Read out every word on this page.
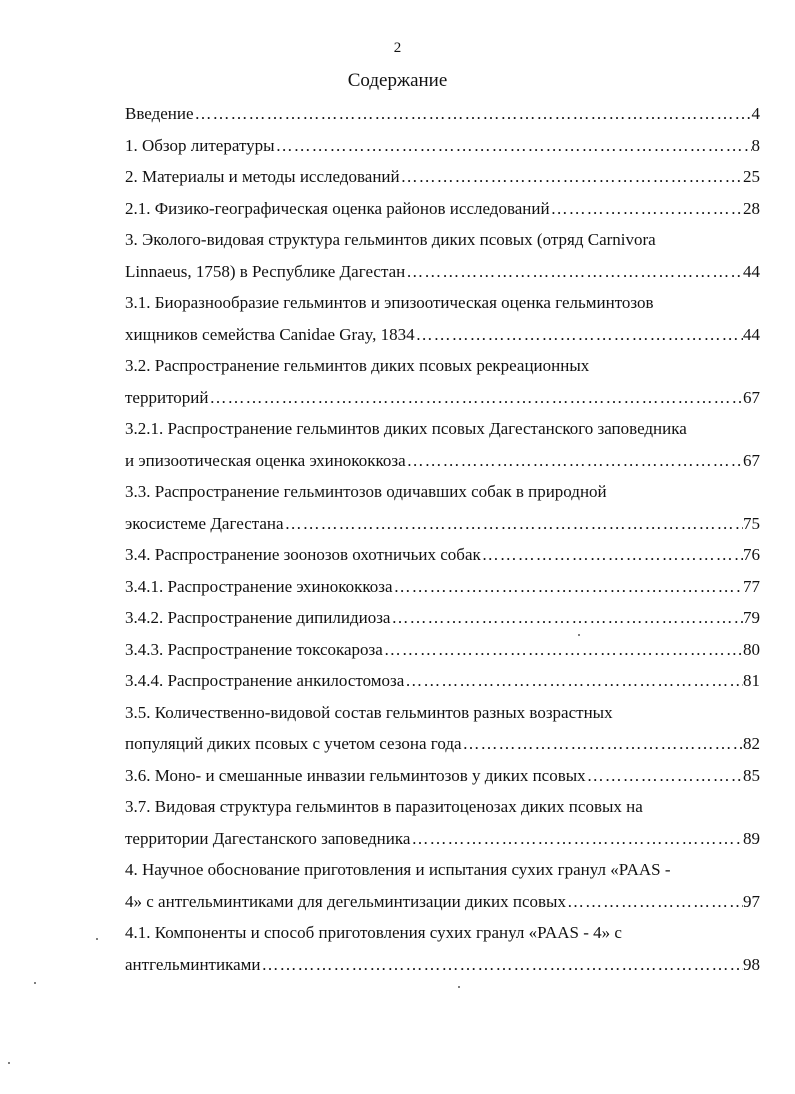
2
Содержание
Введение ……………………………………………………………………………………………………………………………………………………………	4
1. Обзор литературы ……………………………………………………………………………………………………………………………………………………………	8
2. Материалы и методы исследований ……………………………………………………………………………………………………………………………………………………………	25
2.1. Физико-географическая оценка районов исследований ……………………………………………………………………………………………………………………………………………………………	28
3. Эколого-видовая структура гельминтов диких псовых (отряд Carnivora
Linnaeus, 1758) в Республике Дагестан ……………………………………………………………………………………………………………………………………………………………	44
3.1. Биоразнообразие гельминтов и эпизоотическая оценка гельминтозов
хищников семейства Canidae Gray, 1834 ……………………………………………………………………………………………………………………………………………………………	44
3.2. Распространение гельминтов диких псовых рекреационных
территорий ……………………………………………………………………………………………………………………………………………………………	67
3.2.1. Распространение гельминтов диких псовых Дагестанского заповедника
и эпизоотическая оценка эхинококкоза ……………………………………………………………………………………………………………………………………………………………	67
3.3. Распространение гельминтозов одичавших собак в природной
экосистеме Дагестана ……………………………………………………………………………………………………………………………………………………………	75
3.4. Распространение зоонозов охотничьих собак ……………………………………………………………………………………………………………………………………………………………	76
3.4.1. Распространение эхинококкоза ……………………………………………………………………………………………………………………………………………………………	77
3.4.2. Распространение дипилидиоза ……………………………………………………………………………………………………………………………………………………………	79
3.4.3. Распространение токсокароза ……………………………………………………………………………………………………………………………………………………………	80
3.4.4. Распространение анкилостомоза ……………………………………………………………………………………………………………………………………………………………	81
3.5. Количественно-видовой состав гельминтов разных возрастных
популяций диких псовых с учетом сезона года ……………………………………………………………………………………………………………………………………………………………	82
3.6. Моно- и смешанные инвазии гельминтозов у диких псовых ……………………………………………………………………………………………………………………………………………………………	85
3.7. Видовая структура гельминтов в паразитоценозах диких псовых на
территории Дагестанского заповедника ……………………………………………………………………………………………………………………………………………………………	89
4. Научное обоснование приготовления и испытания сухих гранул «PAAS -
4» с антгельминтиками для дегельминтизации диких псовых ……………………………………………………………………………………………………………………………………………………………	97
4.1. Компоненты и способ приготовления сухих гранул «PAAS - 4» с
антгельминтиками ……………………………………………………………………………………………………………………………………………………………	98
